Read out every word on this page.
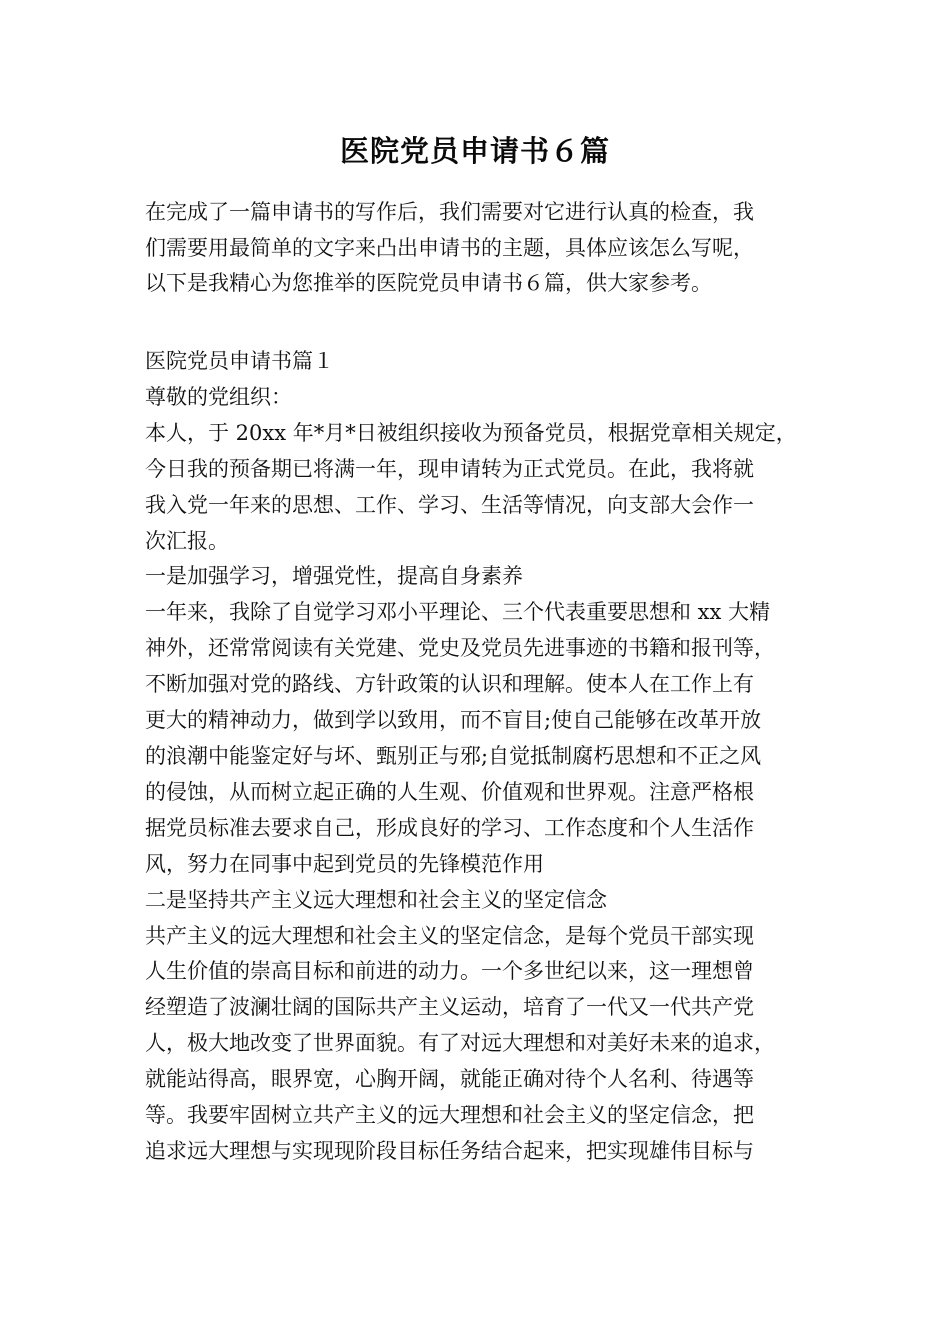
医院党员申请书６篇
在完成了一篇申请书的写作后，我们需要对它进行认真的检查，我
们需要用最简单的文字来凸出申请书的主题，具体应该怎么写呢，
以下是我精心为您推举的医院党员申请书６篇，供大家参考。
医院党员申请书篇１
尊敬的党组织：
本人，于 20xx 年*月*日被组织接收为预备党员，根据党章相关规定，
今日我的预备期已将满一年，现申请转为正式党员。在此，我将就
我入党一年来的思想、工作、学习、生活等情况，向支部大会作一
次汇报。
一是加强学习，增强党性，提高自身素养
一年来，我除了自觉学习邓小平理论、三个代表重要思想和 xx 大精
神外，还常常阅读有关党建、党史及党员先进事迹的书籍和报刊等，
不断加强对党的路线、方针政策的认识和理解。使本人在工作上有
更大的精神动力，做到学以致用，而不盲目;使自己能够在改革开放
的浪潮中能鉴定好与坏、甄别正与邪;自觉抵制腐朽思想和不正之风
的侵蚀，从而树立起正确的人生观、价值观和世界观。注意严格根
据党员标准去要求自己，形成良好的学习、工作态度和个人生活作
风，努力在同事中起到党员的先锋模范作用
二是坚持共产主义远大理想和社会主义的坚定信念
共产主义的远大理想和社会主义的坚定信念，是每个党员干部实现
人生价值的崇高目标和前进的动力。一个多世纪以来，这一理想曾
经塑造了波澜壮阔的国际共产主义运动，培育了一代又一代共产党
人，极大地改变了世界面貌。有了对远大理想和对美好未来的追求，
就能站得高，眼界宽，心胸开阔，就能正确对待个人名利、待遇等
等。我要牢固树立共产主义的远大理想和社会主义的坚定信念，把
追求远大理想与实现现阶段目标任务结合起来，把实现雄伟目标与
